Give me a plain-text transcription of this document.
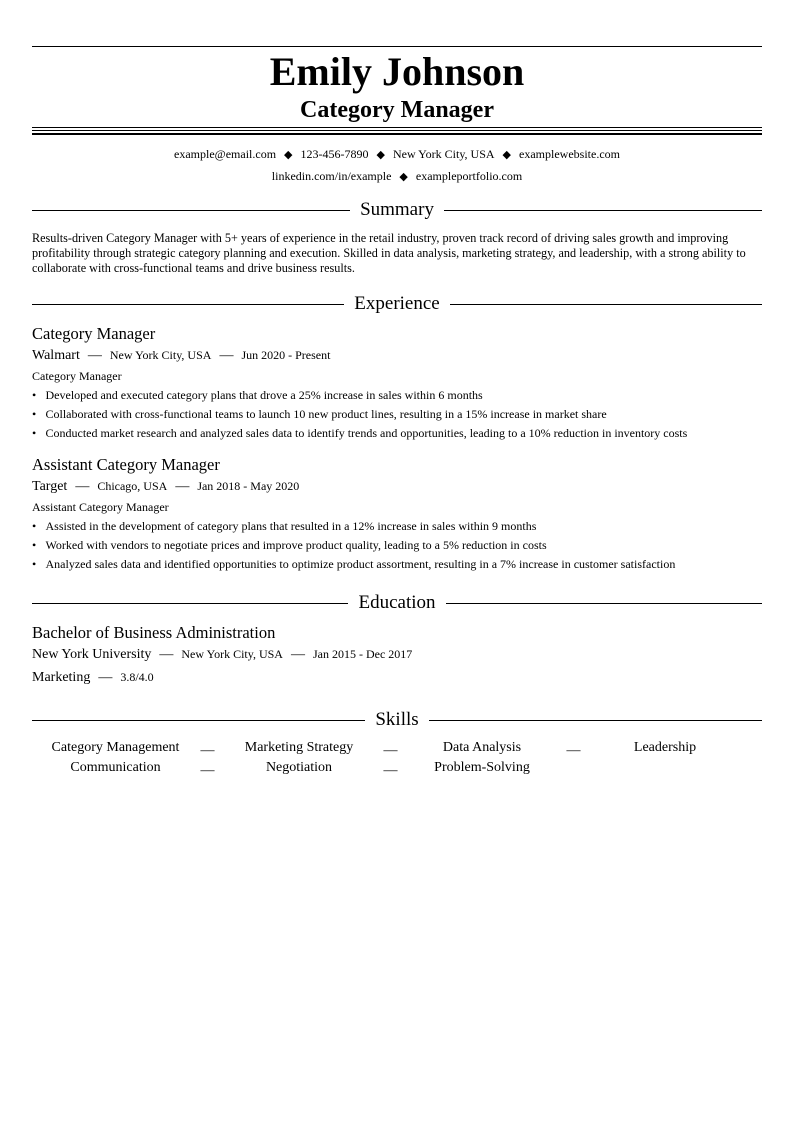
Emily Johnson
Category Manager
example@email.com ◆ 123-456-7890 ◆ New York City, USA ◆ examplewebsite.com
linkedin.com/in/example ◆ exampleportfolio.com
Summary
Results-driven Category Manager with 5+ years of experience in the retail industry, proven track record of driving sales growth and improving profitability through strategic category planning and execution. Skilled in data analysis, marketing strategy, and leadership, with a strong ability to collaborate with cross-functional teams and drive business results.
Experience
Category Manager
Walmart — New York City, USA — Jun 2020 - Present
Category Manager
• Developed and executed category plans that drove a 25% increase in sales within 6 months
• Collaborated with cross-functional teams to launch 10 new product lines, resulting in a 15% increase in market share
• Conducted market research and analyzed sales data to identify trends and opportunities, leading to a 10% reduction in inventory costs
Assistant Category Manager
Target — Chicago, USA — Jan 2018 - May 2020
Assistant Category Manager
• Assisted in the development of category plans that resulted in a 12% increase in sales within 9 months
• Worked with vendors to negotiate prices and improve product quality, leading to a 5% reduction in costs
• Analyzed sales data and identified opportunities to optimize product assortment, resulting in a 7% increase in customer satisfaction
Education
Bachelor of Business Administration
New York University — New York City, USA — Jan 2015 - Dec 2017
Marketing — 3.8/4.0
Skills
Category Management	—	Marketing Strategy	—	Data Analysis	—	Leadership
Communication	—	Negotiation	—	Problem-Solving
